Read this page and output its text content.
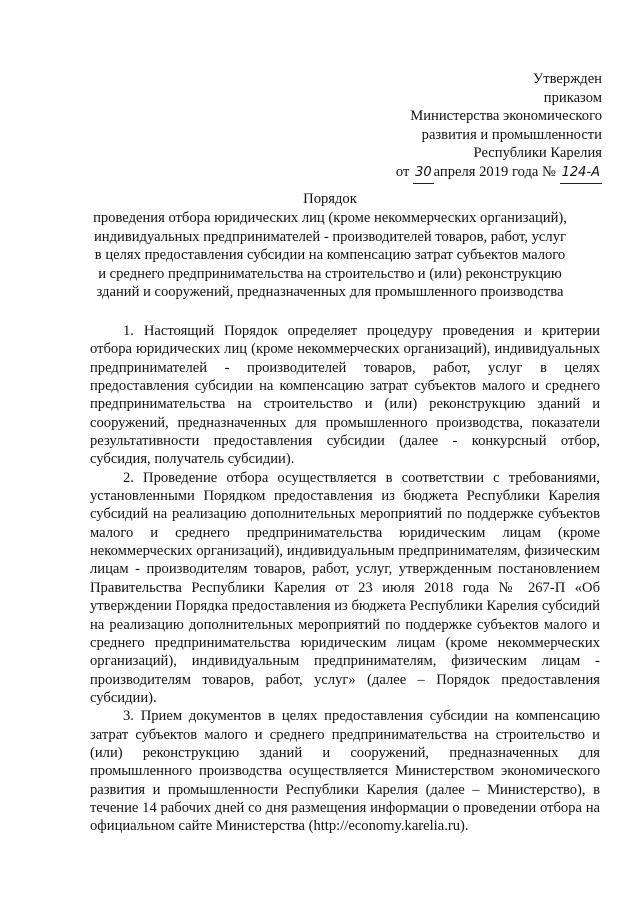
Утвержден
приказом
Министерства экономического
развития и промышленности
Республики Карелия
от 30 апреля 2019 года № 124-А
Порядок
проведения отбора юридических лиц (кроме некоммерческих организаций), индивидуальных предпринимателей - производителей товаров, работ, услуг в целях предоставления субсидии на компенсацию затрат субъектов малого и среднего предпринимательства на строительство и (или) реконструкцию зданий и сооружений, предназначенных для промышленного производства

1. Настоящий Порядок определяет процедуру проведения и критерии отбора юридических лиц (кроме некоммерческих организаций), индивидуальных предпринимателей - производителей товаров, работ, услуг в целях предоставления субсидии на компенсацию затрат субъектов малого и среднего предпринимательства на строительство и (или) реконструкцию зданий и сооружений, предназначенных для промышленного производства, показатели результативности предоставления субсидии (далее - конкурсный отбор, субсидия, получатель субсидии).

2. Проведение отбора осуществляется в соответствии с требованиями, установленными Порядком предоставления из бюджета Республики Карелия субсидий на реализацию дополнительных мероприятий по поддержке субъектов малого и среднего предпринимательства юридическим лицам (кроме некоммерческих организаций), индивидуальным предпринимателям, физическим лицам - производителям товаров, работ, услуг, утвержденным постановлением Правительства Республики Карелия от 23 июля 2018 года № 267-П «Об утверждении Порядка предоставления из бюджета Республики Карелия субсидий на реализацию дополнительных мероприятий по поддержке субъектов малого и среднего предпринимательства юридическим лицам (кроме некоммерческих организаций), индивидуальным предпринимателям, физическим лицам - производителям товаров, работ, услуг» (далее – Порядок предоставления субсидии).

3. Прием документов в целях предоставления субсидии на компенсацию затрат субъектов малого и среднего предпринимательства на строительство и (или) реконструкцию зданий и сооружений, предназначенных для промышленного производства осуществляется Министерством экономического развития и промышленности Республики Карелия (далее – Министерство), в течение 14 рабочих дней со дня размещения информации о проведении отбора на официальном сайте Министерства (http://economy.karelia.ru).
